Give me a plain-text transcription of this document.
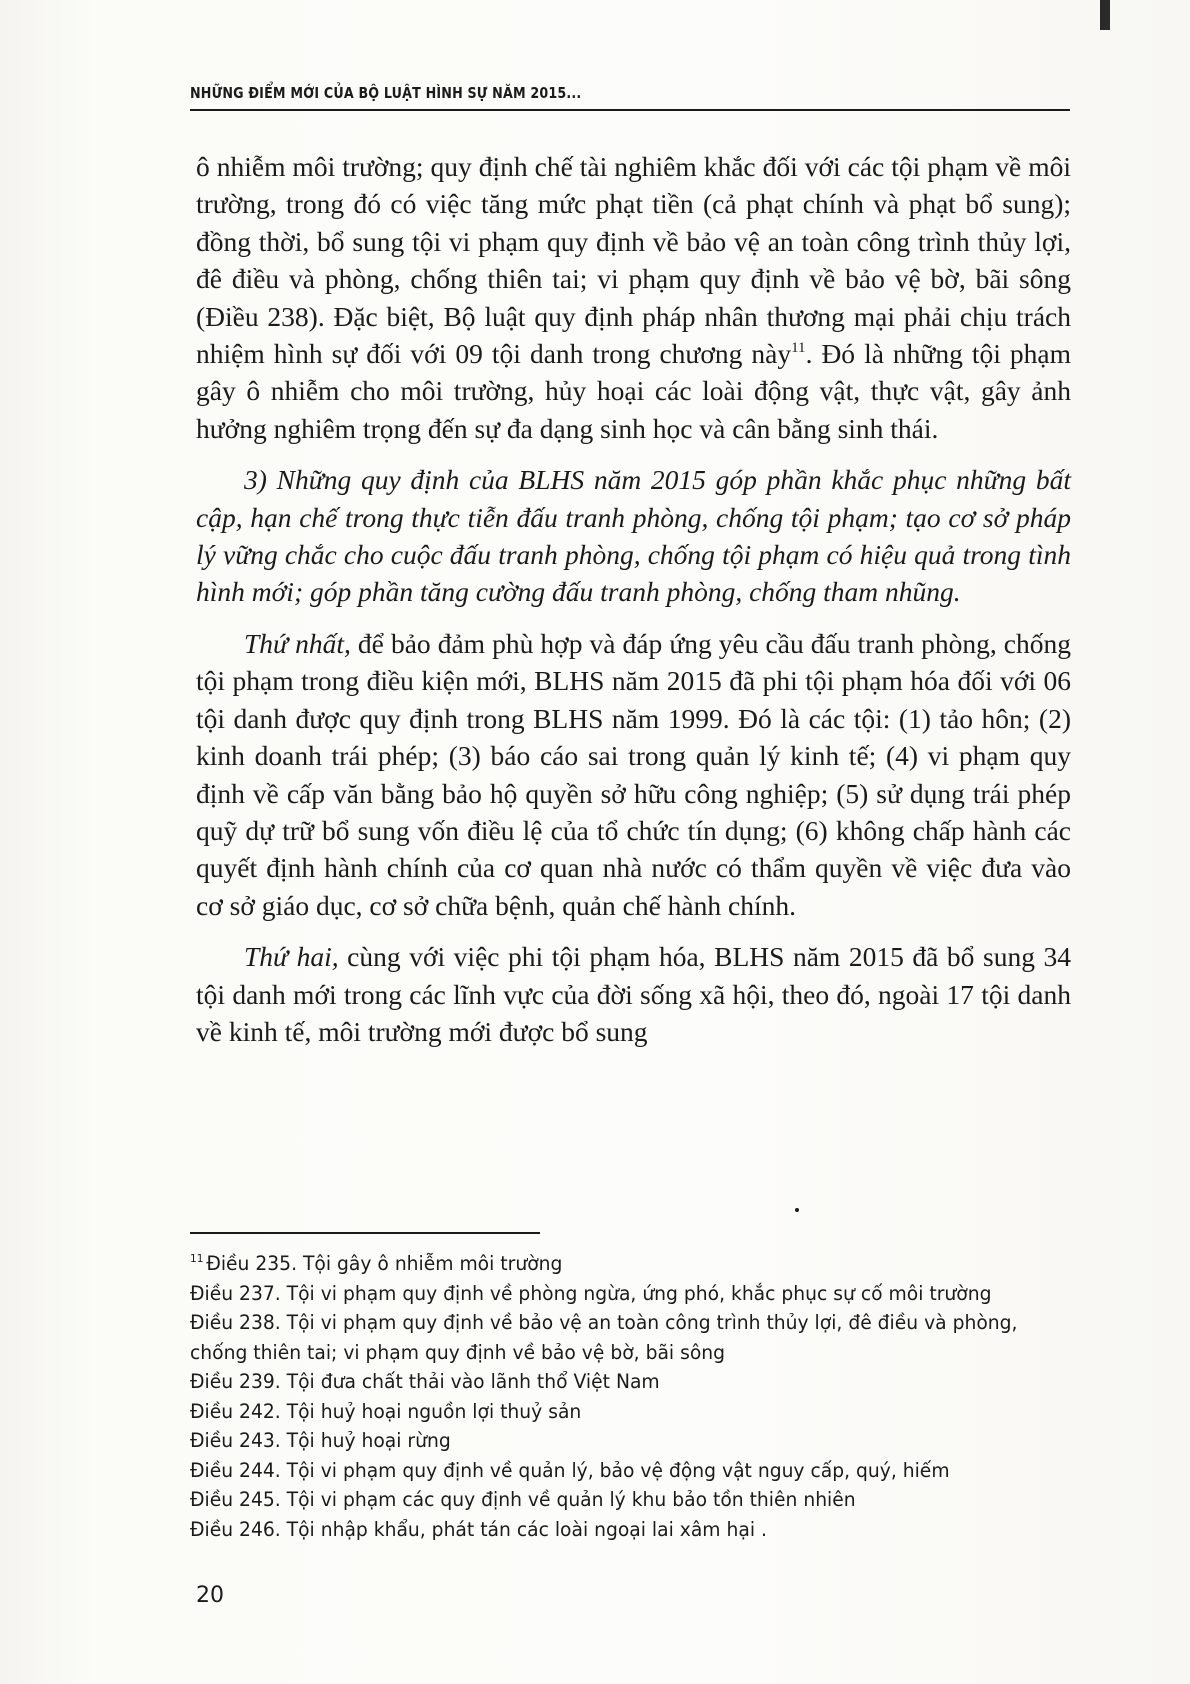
NHỮNG ĐIỂM MỚI CỦA BỘ LUẬT HÌNH SỰ NĂM 2015...

ô nhiễm môi trường; quy định chế tài nghiêm khắc đối với các tội phạm về môi trường, trong đó có việc tăng mức phạt tiền (cả phạt chính và phạt bổ sung); đồng thời, bổ sung tội vi phạm quy định về bảo vệ an toàn công trình thủy lợi, đê điều và phòng, chống thiên tai; vi phạm quy định về bảo vệ bờ, bãi sông (Điều 238). Đặc biệt, Bộ luật quy định pháp nhân thương mại phải chịu trách nhiệm hình sự đối với 09 tội danh trong chương này$^{11}$. Đó là những tội phạm gây ô nhiễm cho môi trường, hủy hoại các loài động vật, thực vật, gây ảnh hưởng nghiêm trọng đến sự đa dạng sinh học và cân bằng sinh thái.

3) Những quy định của BLHS năm 2015 góp phần khắc phục những bất cập, hạn chế trong thực tiễn đấu tranh phòng, chống tội phạm; tạo cơ sở pháp lý vững chắc cho cuộc đấu tranh phòng, chống tội phạm có hiệu quả trong tình hình mới; góp phần tăng cường đấu tranh phòng, chống tham nhũng.

Thứ nhất, để bảo đảm phù hợp và đáp ứng yêu cầu đấu tranh phòng, chống tội phạm trong điều kiện mới, BLHS năm 2015 đã phi tội phạm hóa đối với 06 tội danh được quy định trong BLHS năm 1999. Đó là các tội: (1) tảo hôn; (2) kinh doanh trái phép; (3) báo cáo sai trong quản lý kinh tế; (4) vi phạm quy định về cấp văn bằng bảo hộ quyền sở hữu công nghiệp; (5) sử dụng trái phép quỹ dự trữ bổ sung vốn điều lệ của tổ chức tín dụng; (6) không chấp hành các quyết định hành chính của cơ quan nhà nước có thẩm quyền về việc đưa vào cơ sở giáo dục, cơ sở chữa bệnh, quản chế hành chính.

Thứ hai, cùng với việc phi tội phạm hóa, BLHS năm 2015 đã bổ sung 34 tội danh mới trong các lĩnh vực của đời sống xã hội, theo đó, ngoài 17 tội danh về kinh tế, môi trường mới được bổ sung

$^{11}$ Điều 235. Tội gây ô nhiễm môi trường
Điều 237. Tội vi phạm quy định về phòng ngừa, ứng phó, khắc phục sự cố môi trường
Điều 238. Tội vi phạm quy định về bảo vệ an toàn công trình thủy lợi, đê điều và phòng,
chống thiên tai; vi phạm quy định về bảo vệ bờ, bãi sông
Điều 239. Tội đưa chất thải vào lãnh thổ Việt Nam
Điều 242. Tội huỷ hoại nguồn lợi thuỷ sản
Điều 243. Tội huỷ hoại rừng
Điều 244. Tội vi phạm quy định về quản lý, bảo vệ động vật nguy cấp, quý, hiếm
Điều 245. Tội vi phạm các quy định về quản lý khu bảo tồn thiên nhiên
Điều 246. Tội nhập khẩu, phát tán các loài ngoại lai xâm hại .
20
